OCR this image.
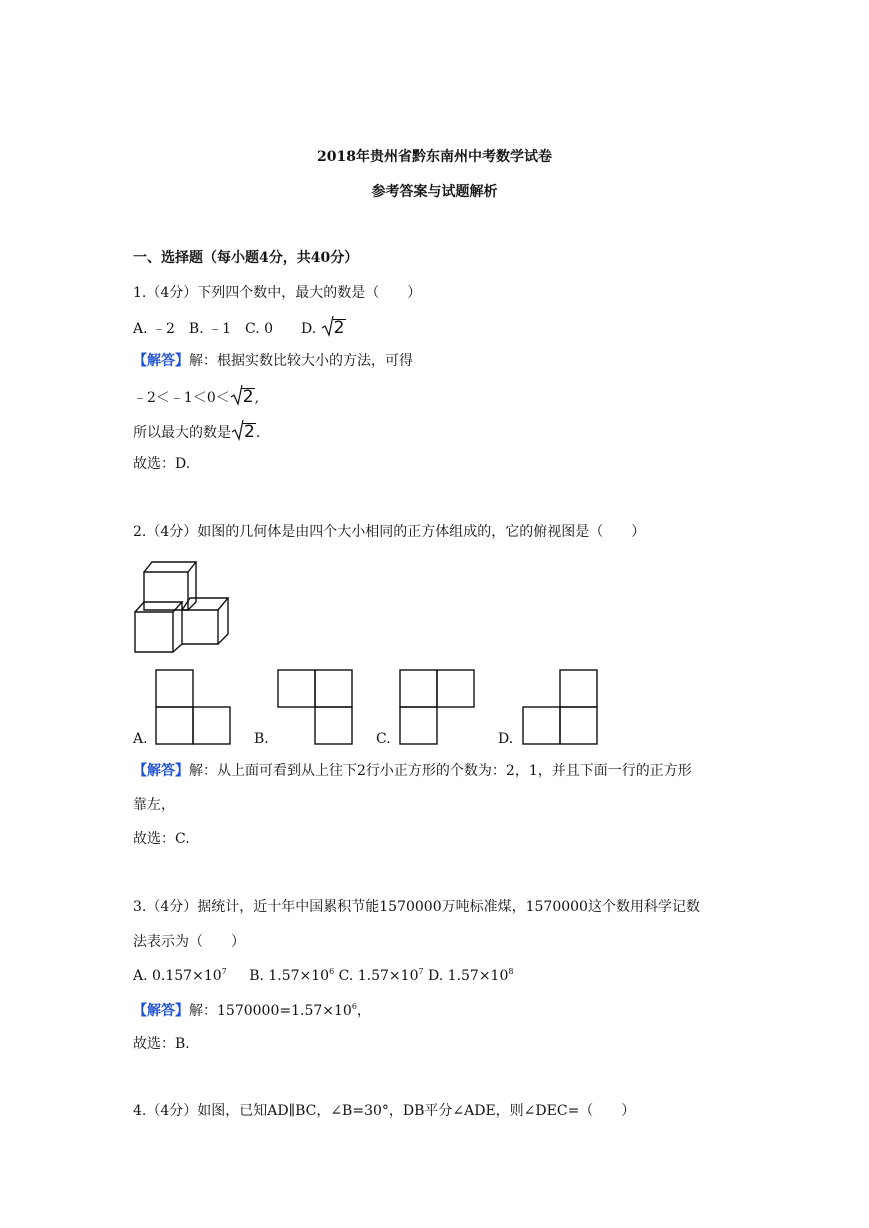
2018年贵州省黔东南州中考数学试卷
参考答案与试题解析
一、选择题（每小题4分，共40分）
1.（4分）下列四个数中，最大的数是（　　）
A. ﹣2　B. ﹣1　C. 0　　D. 2
【解答】解：根据实数比较大小的方法，可得
﹣2＜﹣1＜0＜ 2,
所以最大的数是 2.
故选：D.
2.（4分）如图的几何体是由四个大小相同的正方体组成的，它的俯视图是（　　）
A.	B.	C.	D.
【解答】解：从上面可看到从上往下2行小正方形的个数为：2，1，并且下面一行的正方形
靠左，
故选：C.
3.（4分）据统计，近十年中国累积节能1570000万吨标准煤，1570000这个数用科学记数
法表示为（　　）
A. $0.157\times 10^7$ B. $1.57\times 10^6$ C. $1.57\times 10^7$ D. $1.57\times 10^8$
【解答】解：$1570000=1.57\times 10^6$，
故选：B.
4.（4分）如图，已知AD∥BC，∠B=30°，DB平分∠ADE，则∠DEC=（　　）
